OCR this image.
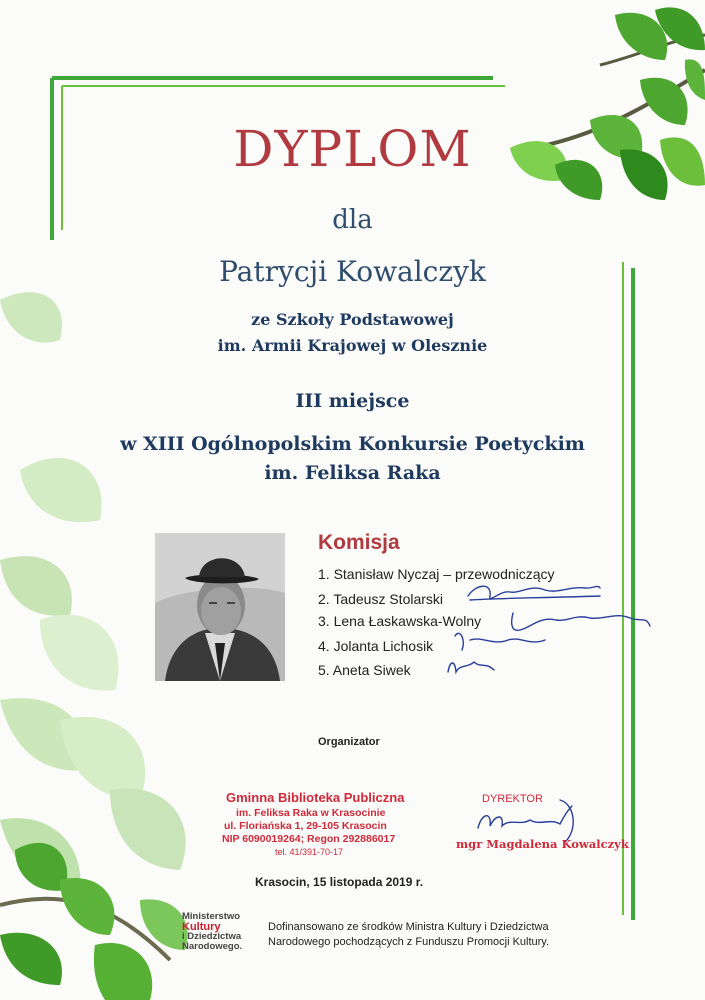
DYPLOM
dla
Patrycji Kowalczyk
ze Szkoły Podstawowej
im. Armii Krajowej w Olesznie
III miejsce
w XIII Ogólnopolskim Konkursie Poetyckim
im. Feliksa Raka
Komisja
1. Stanisław Nyczaj – przewodniczący
2. Tadeusz Stolarski
3. Lena Łaskawska-Wolny
4. Jolanta Lichosik
5. Aneta Siwek
Organizator
Gminna Biblioteka Publiczna
im. Feliksa Raka w Krasocinie
ul. Floriańska 1, 29-105 Krasocin
NIP 6090019264; Regon 292886017
tel. 41/391-70-17
DYREKTOR
mgr Magdalena Kowalczyk
Krasocin, 15 listopada 2019 r.
Ministerstwo
Kultury
i Dziedzictwa
Narodowego.
Dofinansowano ze środków Ministra Kultury i Dziedzictwa
Narodowego pochodzących z Funduszu Promocji Kultury.
